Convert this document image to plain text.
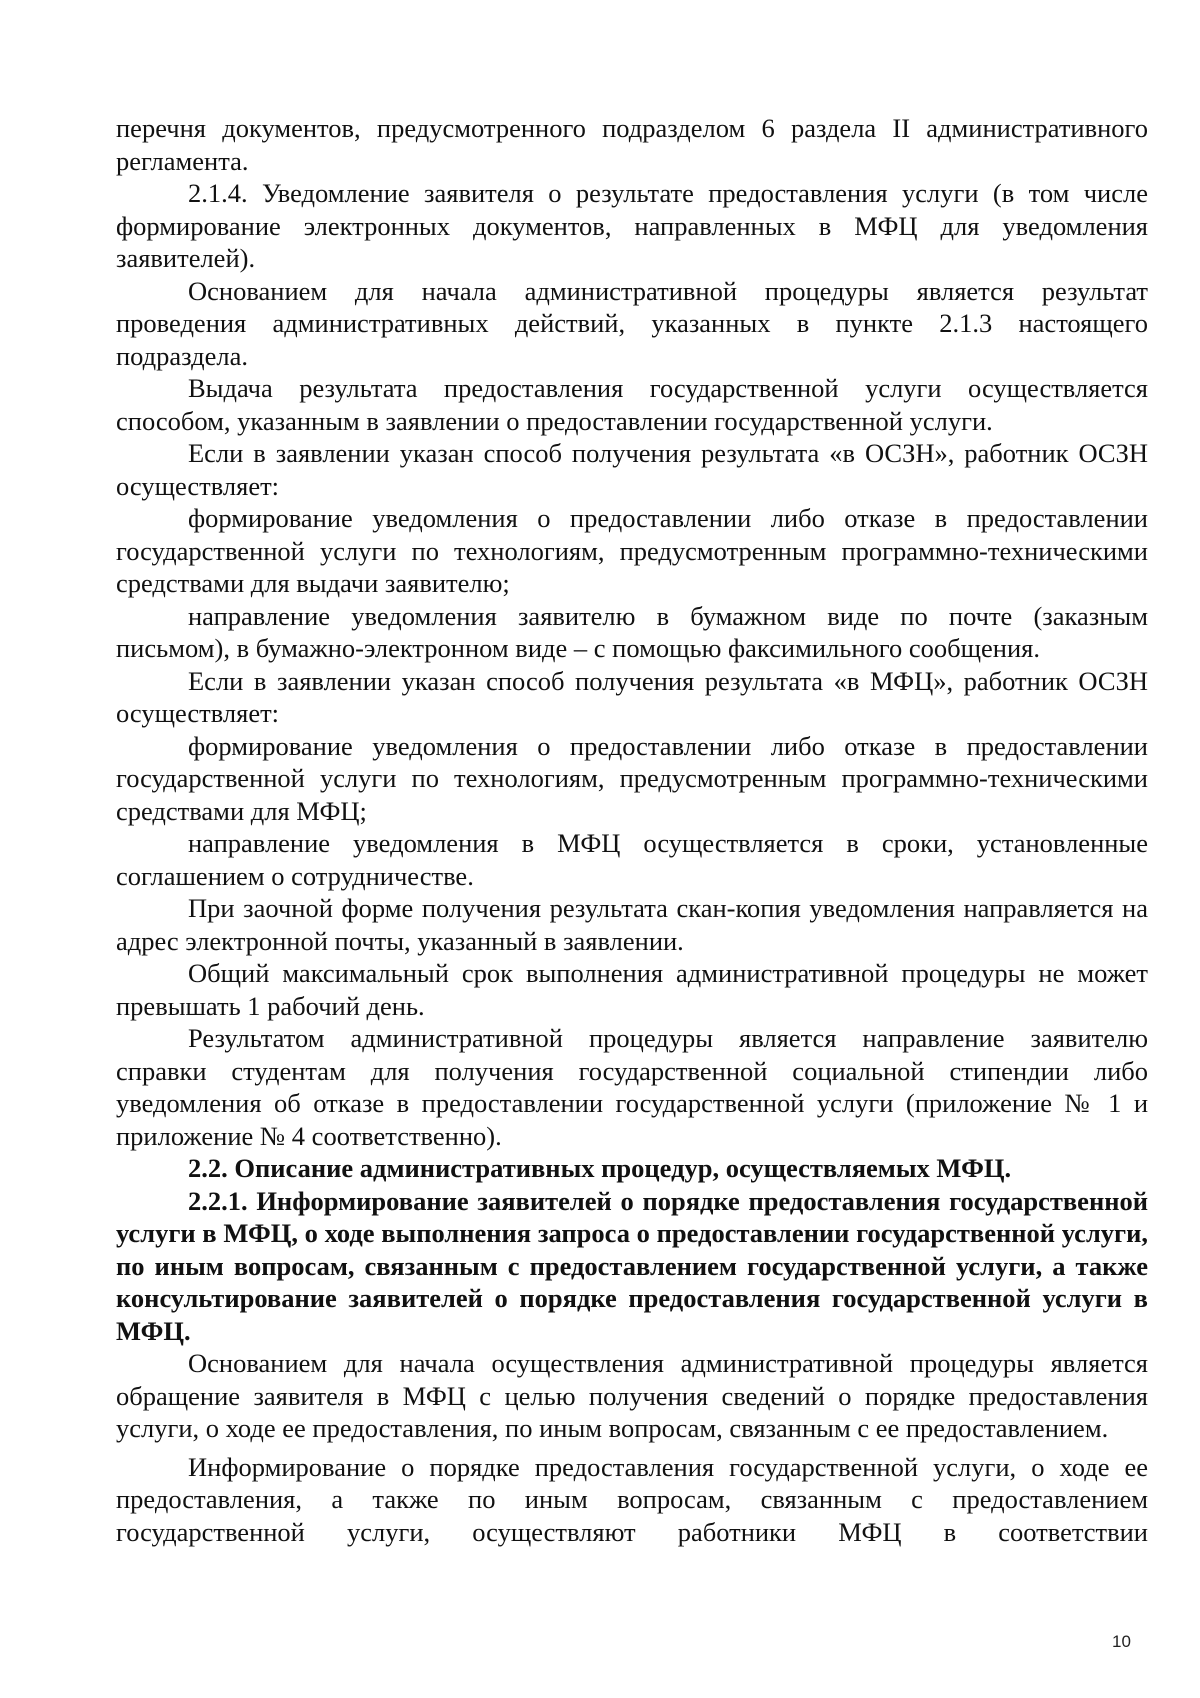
перечня документов, предусмотренного подразделом 6 раздела II административного регламента.

2.1.4. Уведомление заявителя о результате предоставления услуги (в том числе формирование электронных документов, направленных в МФЦ для уведомления заявителей).

Основанием для начала административной процедуры является результат проведения административных действий, указанных в пункте 2.1.3 настоящего подраздела.

Выдача результата предоставления государственной услуги осуществляется способом, указанным в заявлении о предоставлении государственной услуги.

Если в заявлении указан способ получения результата «в ОСЗН», работник ОСЗН осуществляет:

формирование уведомления о предоставлении либо отказе в предоставлении государственной услуги по технологиям, предусмотренным программно-техническими средствами для выдачи заявителю;

направление уведомления заявителю в бумажном виде по почте (заказным письмом), в бумажно-электронном виде – с помощью факсимильного сообщения.

Если в заявлении указан способ получения результата «в МФЦ», работник ОСЗН осуществляет:

формирование уведомления о предоставлении либо отказе в предоставлении государственной услуги по технологиям, предусмотренным программно-техническими средствами для МФЦ;

направление уведомления в МФЦ осуществляется в сроки, установленные соглашением о сотрудничестве.

При заочной форме получения результата скан-копия уведомления направляется на адрес электронной почты, указанный в заявлении.

Общий максимальный срок выполнения административной процедуры не может превышать 1 рабочий день.

Результатом административной процедуры является направление заявителю справки студентам для получения государственной социальной стипендии либо уведомления об отказе в предоставлении государственной услуги (приложение № 1 и приложение № 4 соответственно).

2.2. Описание административных процедур, осуществляемых МФЦ.

2.2.1. Информирование заявителей о порядке предоставления государственной услуги в МФЦ, о ходе выполнения запроса о предоставлении государственной услуги, по иным вопросам, связанным с предоставлением государственной услуги, а также консультирование заявителей о порядке предоставления государственной услуги в МФЦ.

Основанием для начала осуществления административной процедуры является обращение заявителя в МФЦ с целью получения сведений о порядке предоставления услуги, о ходе ее предоставления, по иным вопросам, связанным с ее предоставлением.

Информирование о порядке предоставления государственной услуги, о ходе ее предоставления, а также по иным вопросам, связанным с предоставлением государственной услуги, осуществляют работники МФЦ в соответствии

10
